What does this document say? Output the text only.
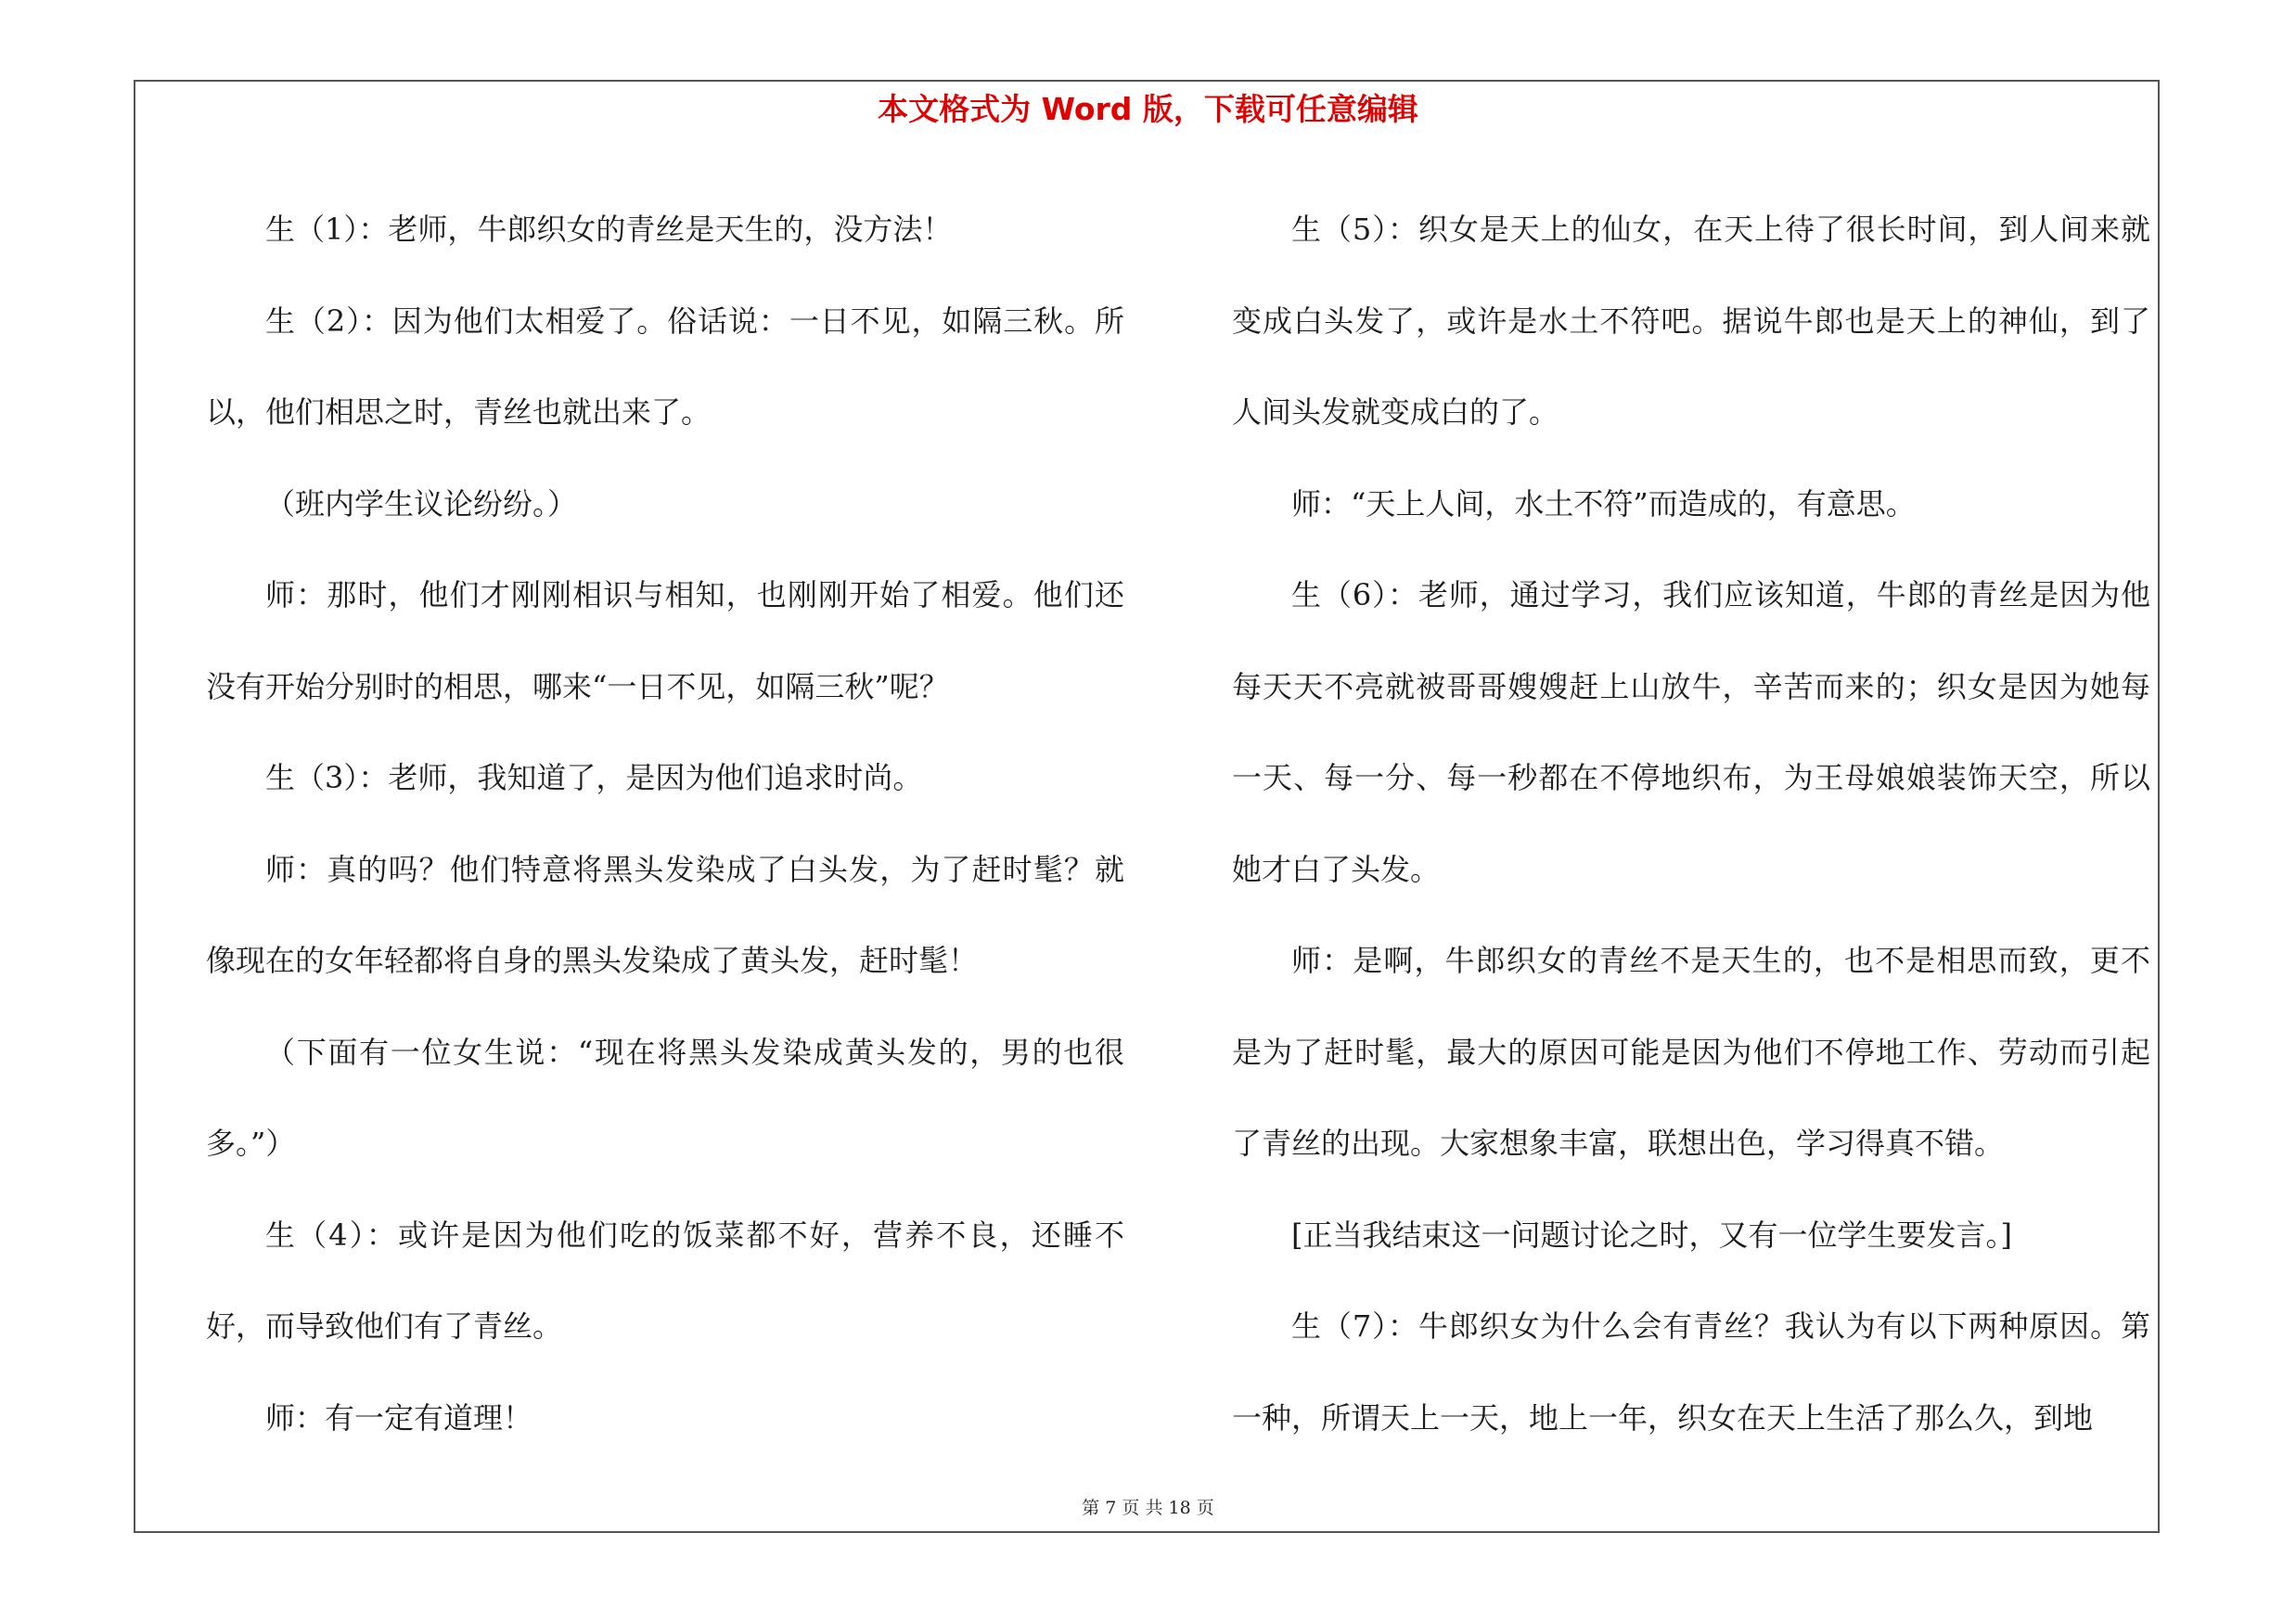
本文格式为 Word 版，下载可任意编辑

生（1）：老师，牛郎织女的青丝是天生的，没方法！

生（2）：因为他们太相爱了。俗话说：一日不见，如隔三秋。所以，他们相思之时，青丝也就出来了。

（班内学生议论纷纷。）

师：那时，他们才刚刚相识与相知，也刚刚开始了相爱。他们还没有开始分别时的相思，哪来“一日不见，如隔三秋”呢？

生（3）：老师，我知道了，是因为他们追求时尚。

师：真的吗？他们特意将黑头发染成了白头发，为了赶时髦？就像现在的女年轻都将自身的黑头发染成了黄头发，赶时髦！

（下面有一位女生说：“现在将黑头发染成黄头发的，男的也很多。”）

生（4）：或许是因为他们吃的饭菜都不好，营养不良，还睡不好，而导致他们有了青丝。

师：有一定有道理！

生（5）：织女是天上的仙女，在天上待了很长时间，到人间来就变成白头发了，或许是水土不符吧。据说牛郎也是天上的神仙，到了人间头发就变成白的了。

师：“天上人间，水土不符”而造成的，有意思。

生（6）：老师，通过学习，我们应该知道，牛郎的青丝是因为他每天天不亮就被哥哥嫂嫂赶上山放牛，辛苦而来的；织女是因为她每一天、每一分、每一秒都在不停地织布，为王母娘娘装饰天空，所以她才白了头发。

师：是啊，牛郎织女的青丝不是天生的，也不是相思而致，更不是为了赶时髦，最大的原因可能是因为他们不停地工作、劳动而引起了青丝的出现。大家想象丰富，联想出色，学习得真不错。

[正当我结束这一问题讨论之时，又有一位学生要发言。]

生（7）：牛郎织女为什么会有青丝？我认为有以下两种原因。第一种，所谓天上一天，地上一年，织女在天上生活了那么久，到地

第 7 页 共 18 页
